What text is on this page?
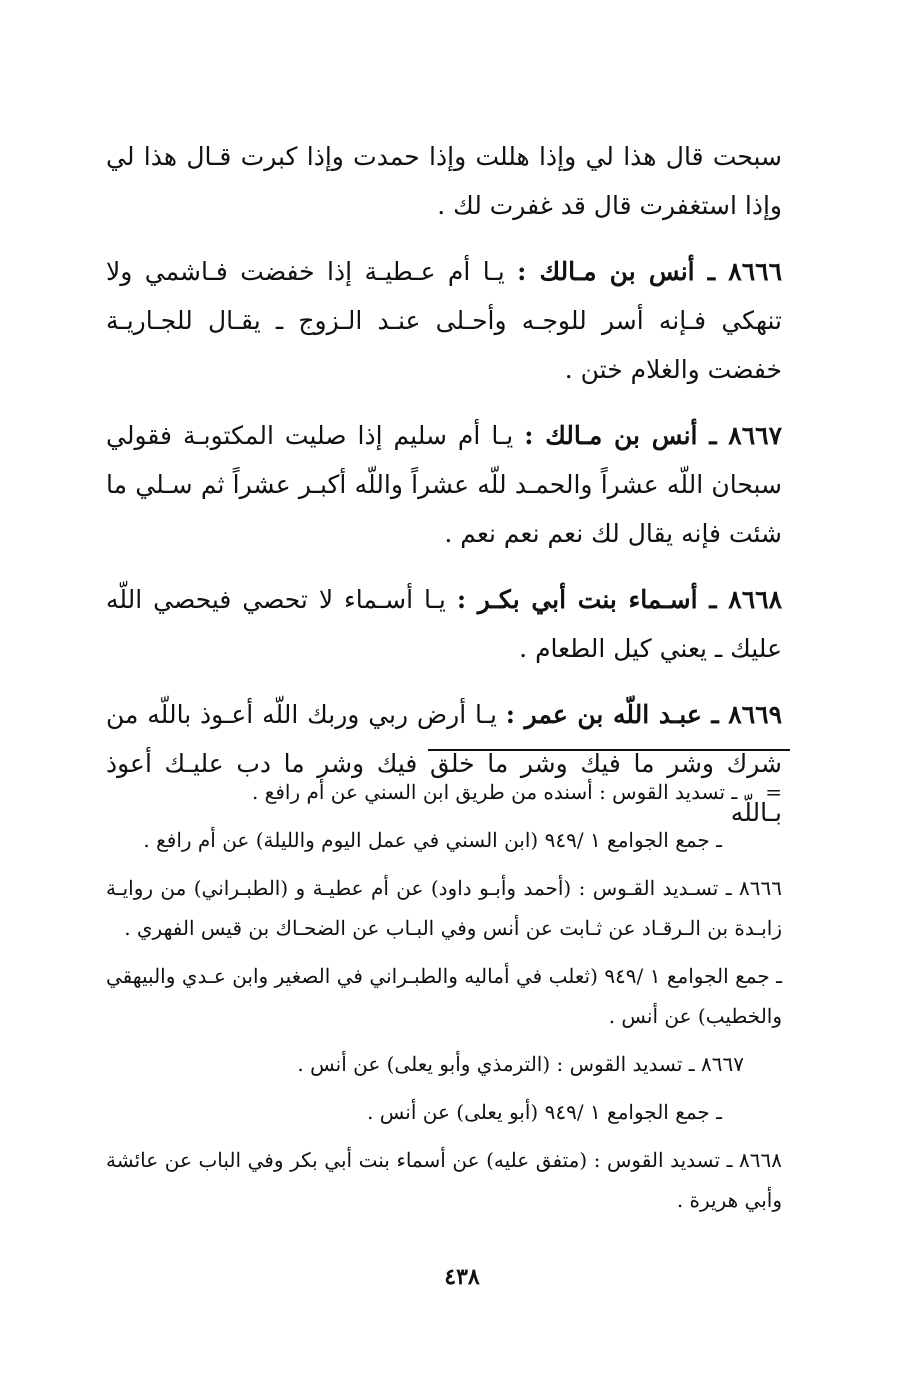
سبحت قال هذا لي وإذا هللت وإذا حمدت وإذا كبرت قـال هذا لي وإذا استغفرت قال قد غفرت لك .

٨٦٦٦ ـ أنس بن مـالك : يـا أم عـطيـة إذا خفضت فـاشمي ولا تنهكي فـإنه أسر للوجـه وأحـلى عنـد الـزوج ـ يقـال للجـاريـة خفضت والغلام ختن .

٨٦٦٧ ـ أنس بن مـالك : يـا أم سليم إذا صليت المكتوبـة فقولي سبحان اللّه عشراً والحمـد للّه عشراً واللّه أكبـر عشراً ثم سـلي ما شئت فإنه يقال لك نعم نعم نعم .

٨٦٦٨ ـ أسـماء بنت أبي بكـر : يـا أسـماء لا تحصي فيحصي اللّه عليك ـ يعني كيل الطعام .

٨٦٦٩ ـ عبـد اللّه بن عمر : يـا أرض ربي وربك اللّه أعـوذ باللّه من شرك وشر ما فيك وشر ما خلق فيك وشر ما دب عليـك أعوذ بـاللّه

=
ـ تسديد القوس : أسنده من طريق ابن السني عن أم رافع .

ـ جمع الجوامع ١ /٩٤٩ (ابن السني في عمل اليوم والليلة) عن أم رافع .

٨٦٦٦ ـ تسـديد القـوس : (أحمد وأبـو داود) عن أم عطيـة و (الطبـراني) من روايـة زابـدة بن الـرقـاد عن ثـابت عن أنس وفي البـاب عن الضحـاك بن قيس الفهري .

ـ جمع الجوامع ١ /٩٤٩ (ثعلب في أماليه والطبـراني في الصغير وابن عـدي والبيهقي والخطيب) عن أنس .

٨٦٦٧ ـ تسديد القوس : (الترمذي وأبو يعلى) عن أنس .

ـ جمع الجوامع ١ /٩٤٩ (أبو يعلى) عن أنس .

٨٦٦٨ ـ تسديد القوس : (متفق عليه) عن أسماء بنت أبي بكر وفي الباب عن عائشة وأبي هريرة .

٤٣٨
